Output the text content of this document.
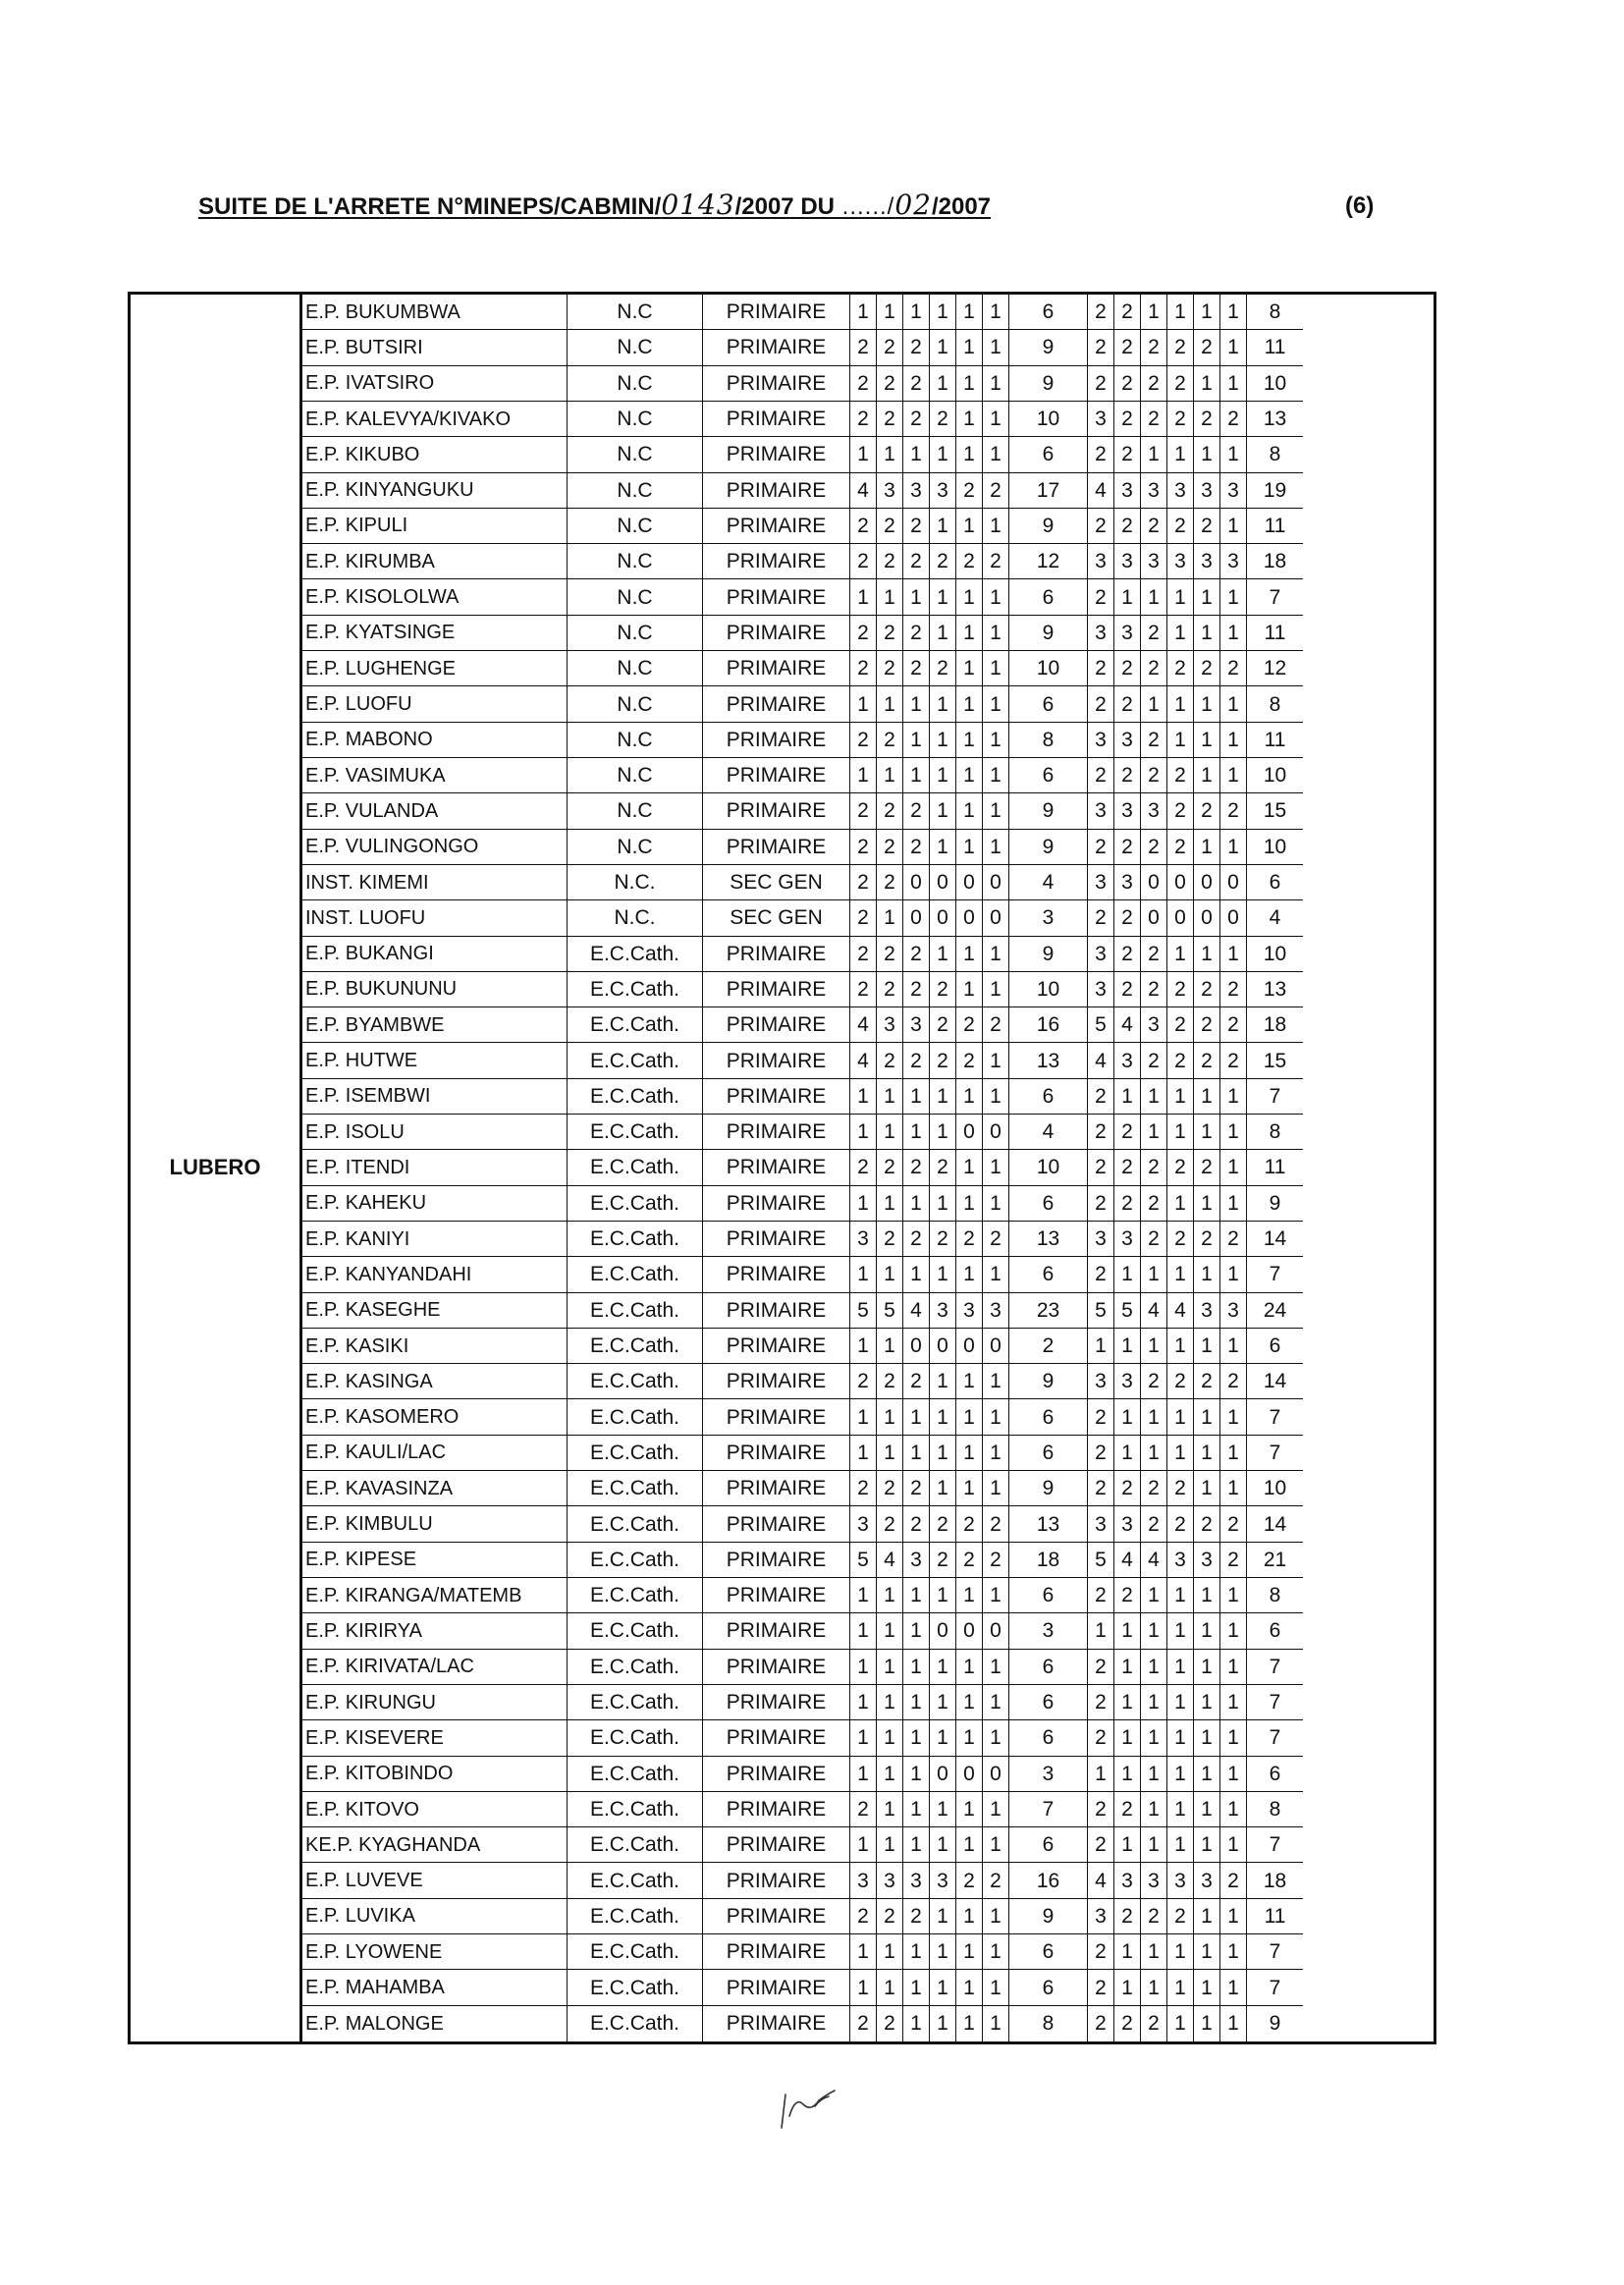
SUITE DE L'ARRETE N°MINEPS/CABMIN/0143/2007 DU ....../02/2007	(6)
LUBERO
E.P. BUKUMBWA	N.C	PRIMAIRE	1 1 1 1 1 1	6	2 2 1 1 1 1	8
E.P. BUTSIRI	N.C	PRIMAIRE	2 2 2 1 1 1	9	2 2 2 2 2 1	11
E.P. IVATSIRO	N.C	PRIMAIRE	2 2 2 1 1 1	9	2 2 2 2 1 1	10
E.P. KALEVYA/KIVAKO	N.C	PRIMAIRE	2 2 2 2 1 1	10	3 2 2 2 2 2	13
E.P. KIKUBO	N.C	PRIMAIRE	1 1 1 1 1 1	6	2 2 1 1 1 1	8
E.P. KINYANGUKU	N.C	PRIMAIRE	4 3 3 3 2 2	17	4 3 3 3 3 3	19
E.P. KIPULI	N.C	PRIMAIRE	2 2 2 1 1 1	9	2 2 2 2 2 1	11
E.P. KIRUMBA	N.C	PRIMAIRE	2 2 2 2 2 2	12	3 3 3 3 3 3	18
E.P. KISOLOLWA	N.C	PRIMAIRE	1 1 1 1 1 1	6	2 1 1 1 1 1	7
E.P. KYATSINGE	N.C	PRIMAIRE	2 2 2 1 1 1	9	3 3 2 1 1 1	11
E.P. LUGHENGE	N.C	PRIMAIRE	2 2 2 2 1 1	10	2 2 2 2 2 2	12
E.P. LUOFU	N.C	PRIMAIRE	1 1 1 1 1 1	6	2 2 1 1 1 1	8
E.P. MABONO	N.C	PRIMAIRE	2 2 1 1 1 1	8	3 3 2 1 1 1	11
E.P. VASIMUKA	N.C	PRIMAIRE	1 1 1 1 1 1	6	2 2 2 2 1 1	10
E.P. VULANDA	N.C	PRIMAIRE	2 2 2 1 1 1	9	3 3 3 2 2 2	15
E.P. VULINGONGO	N.C	PRIMAIRE	2 2 2 1 1 1	9	2 2 2 2 1 1	10
INST. KIMEMI	N.C.	SEC GEN	2 2 0 0 0 0	4	3 3 0 0 0 0	6
INST. LUOFU	N.C.	SEC GEN	2 1 0 0 0 0	3	2 2 0 0 0 0	4
E.P. BUKANGI	E.C.Cath.	PRIMAIRE	2 2 2 1 1 1	9	3 2 2 1 1 1	10
E.P. BUKUNUNU	E.C.Cath.	PRIMAIRE	2 2 2 2 1 1	10	3 2 2 2 2 2	13
E.P. BYAMBWE	E.C.Cath.	PRIMAIRE	4 3 3 2 2 2	16	5 4 3 2 2 2	18
E.P. HUTWE	E.C.Cath.	PRIMAIRE	4 2 2 2 2 1	13	4 3 2 2 2 2	15
E.P. ISEMBWI	E.C.Cath.	PRIMAIRE	1 1 1 1 1 1	6	2 1 1 1 1 1	7
E.P. ISOLU	E.C.Cath.	PRIMAIRE	1 1 1 1 0 0	4	2 2 1 1 1 1	8
E.P. ITENDI	E.C.Cath.	PRIMAIRE	2 2 2 2 1 1	10	2 2 2 2 2 1	11
E.P. KAHEKU	E.C.Cath.	PRIMAIRE	1 1 1 1 1 1	6	2 2 2 1 1 1	9
E.P. KANIYI	E.C.Cath.	PRIMAIRE	3 2 2 2 2 2	13	3 3 2 2 2 2	14
E.P. KANYANDAHI	E.C.Cath.	PRIMAIRE	1 1 1 1 1 1	6	2 1 1 1 1 1	7
E.P. KASEGHE	E.C.Cath.	PRIMAIRE	5 5 4 3 3 3	23	5 5 4 4 3 3	24
E.P. KASIKI	E.C.Cath.	PRIMAIRE	1 1 0 0 0 0	2	1 1 1 1 1 1	6
E.P. KASINGA	E.C.Cath.	PRIMAIRE	2 2 2 1 1 1	9	3 3 2 2 2 2	14
E.P. KASOMERO	E.C.Cath.	PRIMAIRE	1 1 1 1 1 1	6	2 1 1 1 1 1	7
E.P. KAULI/LAC	E.C.Cath.	PRIMAIRE	1 1 1 1 1 1	6	2 1 1 1 1 1	7
E.P. KAVASINZA	E.C.Cath.	PRIMAIRE	2 2 2 1 1 1	9	2 2 2 2 1 1	10
E.P. KIMBULU	E.C.Cath.	PRIMAIRE	3 2 2 2 2 2	13	3 3 2 2 2 2	14
E.P. KIPESE	E.C.Cath.	PRIMAIRE	5 4 3 2 2 2	18	5 4 4 3 3 2	21
E.P. KIRANGA/MATEMB	E.C.Cath.	PRIMAIRE	1 1 1 1 1 1	6	2 2 1 1 1 1	8
E.P. KIRIRYA	E.C.Cath.	PRIMAIRE	1 1 1 0 0 0	3	1 1 1 1 1 1	6
E.P. KIRIVATA/LAC	E.C.Cath.	PRIMAIRE	1 1 1 1 1 1	6	2 1 1 1 1 1	7
E.P. KIRUNGU	E.C.Cath.	PRIMAIRE	1 1 1 1 1 1	6	2 1 1 1 1 1	7
E.P. KISEVERE	E.C.Cath.	PRIMAIRE	1 1 1 1 1 1	6	2 1 1 1 1 1	7
E.P. KITOBINDO	E.C.Cath.	PRIMAIRE	1 1 1 0 0 0	3	1 1 1 1 1 1	6
E.P. KITOVO	E.C.Cath.	PRIMAIRE	2 1 1 1 1 1	7	2 2 1 1 1 1	8
KE.P. KYAGHANDA	E.C.Cath.	PRIMAIRE	1 1 1 1 1 1	6	2 1 1 1 1 1	7
E.P. LUVEVE	E.C.Cath.	PRIMAIRE	3 3 3 3 2 2	16	4 3 3 3 3 2	18
E.P. LUVIKA	E.C.Cath.	PRIMAIRE	2 2 2 1 1 1	9	3 2 2 2 1 1	11
E.P. LYOWENE	E.C.Cath.	PRIMAIRE	1 1 1 1 1 1	6	2 1 1 1 1 1	7
E.P. MAHAMBA	E.C.Cath.	PRIMAIRE	1 1 1 1 1 1	6	2 1 1 1 1 1	7
E.P. MALONGE	E.C.Cath.	PRIMAIRE	2 2 1 1 1 1	8	2 2 2 1 1 1	9
